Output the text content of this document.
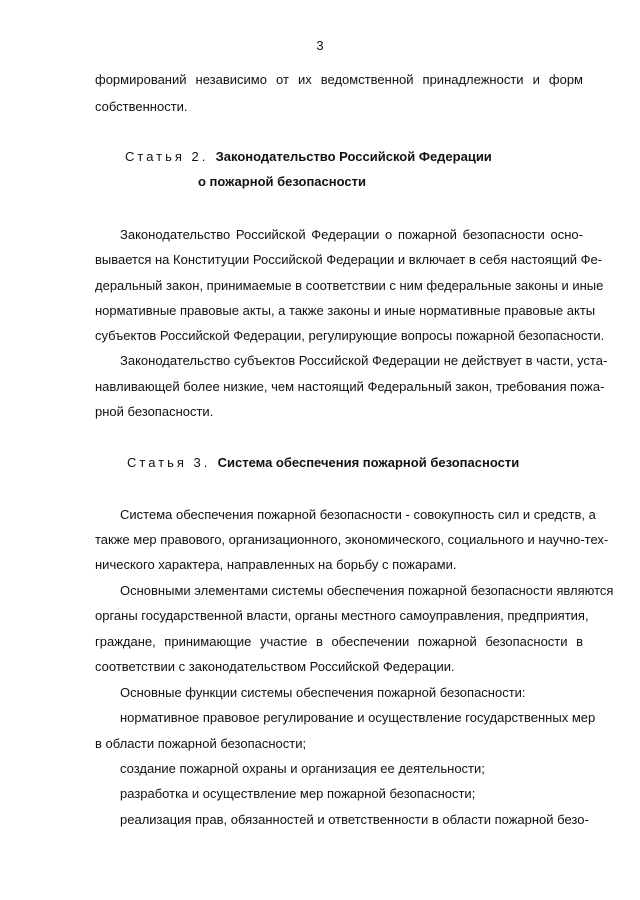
3
формирований независимо от их ведомственной принадлежности и форм
собственности.
Статья 2. Законодательство Российской Федерации
о пожарной безопасности
Законодательство Российской Федерации о пожарной безопасности осно-
вывается на Конституции Российской Федерации и включает в себя настоящий Фе-
деральный закон, принимаемые в соответствии с ним федеральные законы и иные
нормативные правовые акты, а также законы и иные нормативные правовые акты
субъектов Российской Федерации, регулирующие вопросы пожарной безопасности.
Законодательство субъектов Российской Федерации не действует в части, уста-
навливающей более низкие, чем настоящий Федеральный закон, требования пожа-
рной безопасности.
Статья 3. Система обеспечения пожарной безопасности
Система обеспечения пожарной безопасности - совокупность сил и средств, а
также мер правового, организационного, экономического, социального и научно-тех-
нического характера, направленных на борьбу с пожарами.
Основными элементами системы обеспечения пожарной безопасности являются
органы государственной власти, органы местного самоуправления, предприятия,
граждане, принимающие участие в обеспечении пожарной безопасности в
соответствии с законодательством Российской Федерации.
Основные функции системы обеспечения пожарной безопасности:
нормативное правовое регулирование и осуществление государственных мер
в области пожарной безопасности;
создание пожарной охраны и организация ее деятельности;
разработка и осуществление мер пожарной безопасности;
реализация прав, обязанностей и ответственности в области пожарной безо-
